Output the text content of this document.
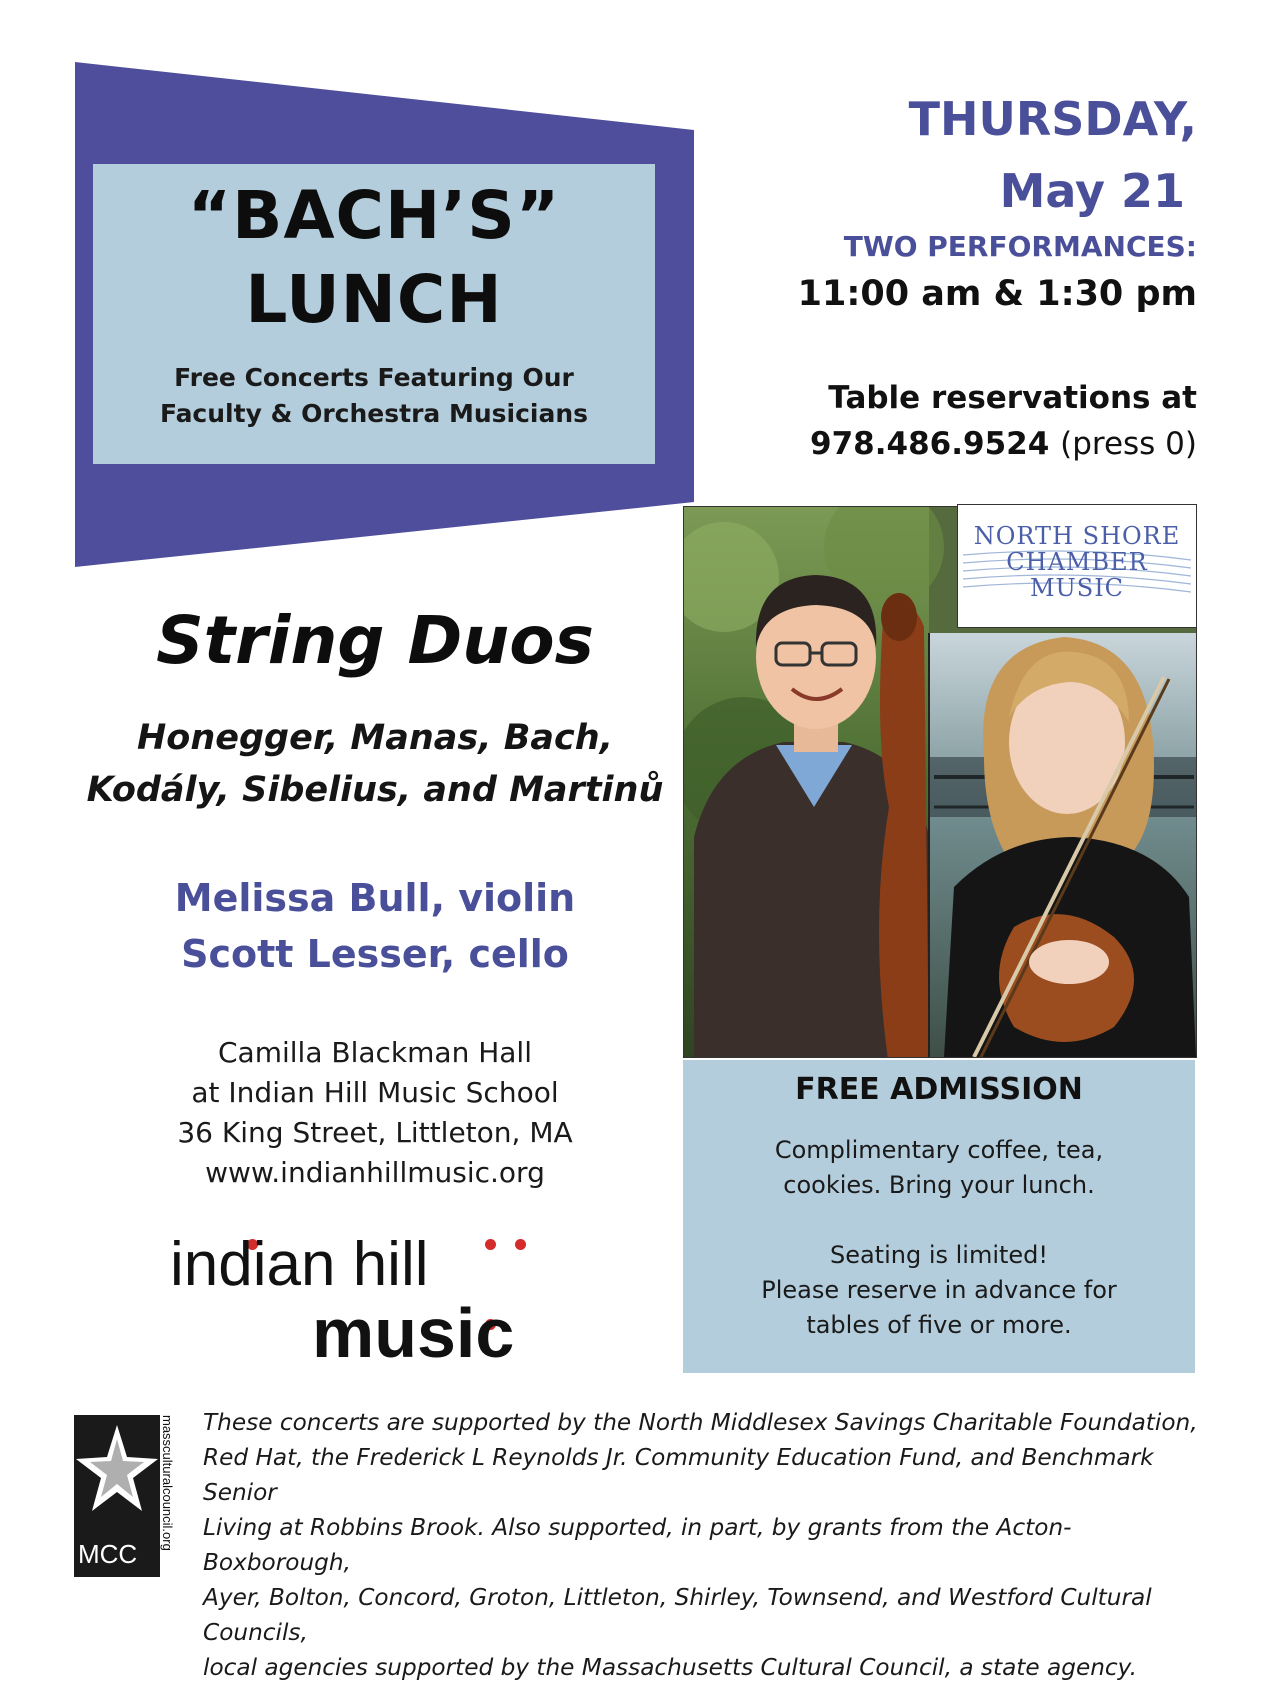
“BACH’S”
LUNCH
Free Concerts Featuring Our
Faculty & Orchestra Musicians
THURSDAY,
May 21
TWO PERFORMANCES:
11:00 am & 1:30 pm
Table reservations at
978.486.9524 (press 0)
NORTH SHORE
CHAMBER
MUSIC
String Duos
Honegger, Manas, Bach,
Kodály, Sibelius, and Martinů
Melissa Bull, violin
Scott Lesser, cello
Camilla Blackman Hall
at Indian Hill Music School
36 King Street, Littleton, MA
www.indianhillmusic.org
indian hill
music
FREE ADMISSION
Complimentary coffee, tea,
cookies. Bring your lunch.
Seating is limited!
Please reserve in advance for
tables of five or more.
MCC
massculturalcouncil.org These concerts are supported by the North Middlesex Savings Charitable Foundation,
Red Hat, the Frederick L Reynolds Jr. Community Education Fund, and Benchmark Senior
Living at Robbins Brook. Also supported, in part, by grants from the Acton-Boxborough,
Ayer, Bolton, Concord, Groton, Littleton, Shirley, Townsend, and Westford Cultural Councils,
local agencies supported by the Massachusetts Cultural Council, a state agency.
